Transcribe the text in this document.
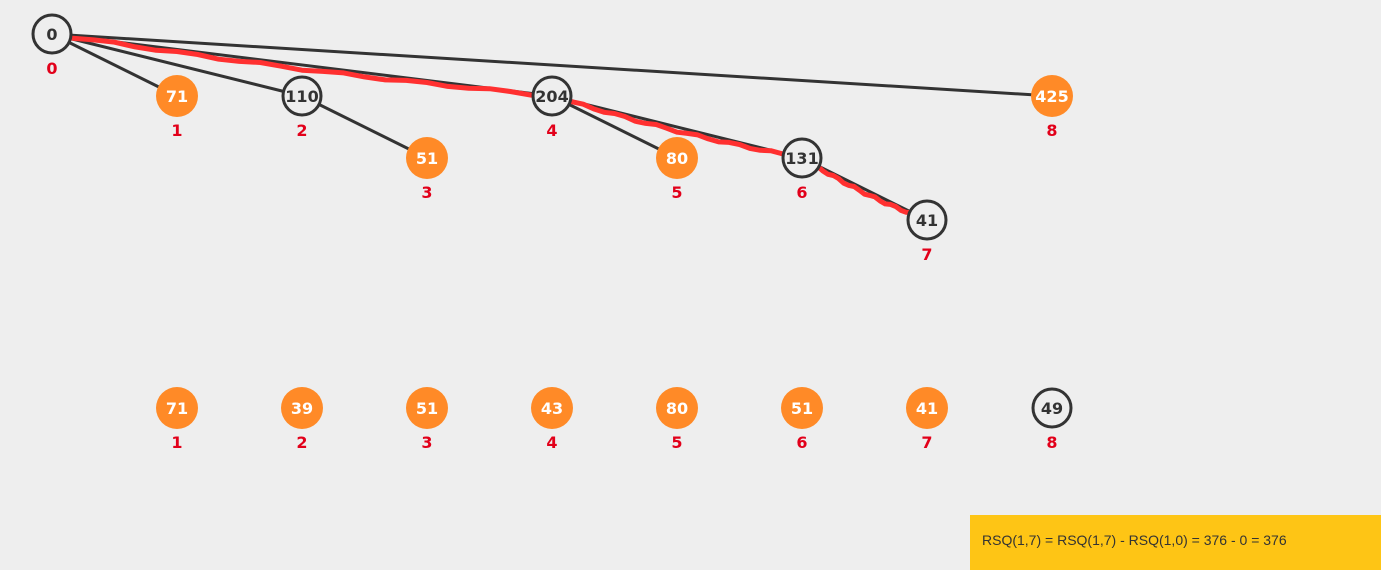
0
0
71
1
110
2
51
3
204
4
80
5
131
6
41
7
425
8
71
1
39
2
51
3
43
4
80
5
51
6
41
7
49
8
RSQ(1,7) = RSQ(1,7) - RSQ(1,0) = 376 - 0 = 376
